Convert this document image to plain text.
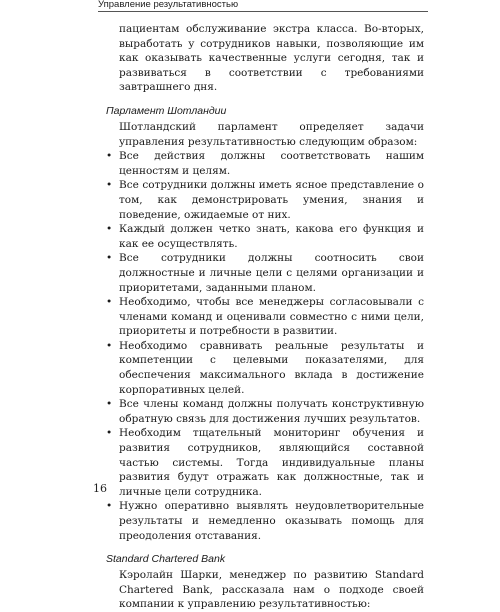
Управление результативностью

пациентам обслуживание экстра класса. Во-вторых, выработать у сотрудников навыки, позволяющие им как оказывать качественные услуги сегодня, так и развиваться в соответствии с требованиями завтрашнего дня.

Парламент Шотландии

Шотландский парламент определяет задачи управления результативностью следующим образом:

• Все действия должны соответствовать нашим ценностям и целям.

• Все сотрудники должны иметь ясное представление о том, как демонстрировать умения, знания и поведение, ожидаемые от них.

• Каждый должен четко знать, какова его функция и как ее осуществлять.

• Все сотрудники должны соотносить свои должностные и личные цели с целями организации и приоритетами, заданными планом.

• Необходимо, чтобы все менеджеры согласовывали с членами команд и оценивали совместно с ними цели, приоритеты и потребности в развитии.

• Необходимо сравнивать реальные результаты и компетенции с целевыми показателями, для обеспечения максимального вклада в достижение корпоративных целей.

• Все члены команд должны получать конструктивную обратную связь для достижения лучших результатов.

• Необходим тщательный мониторинг обучения и развития сотрудников, являющийся составной частью системы. Тогда индивидуальные планы развития будут отражать как должностные, так и личные цели сотрудника.

• Нужно оперативно выявлять неудовлетворительные результаты и немедленно оказывать помощь для преодоления отставания.

Standard Chartered Bank

Кэролайн Шарки, менеджер по развитию Standard Chartered Bank, рассказала нам о подходе своей компании к управлению результативностью:

16
